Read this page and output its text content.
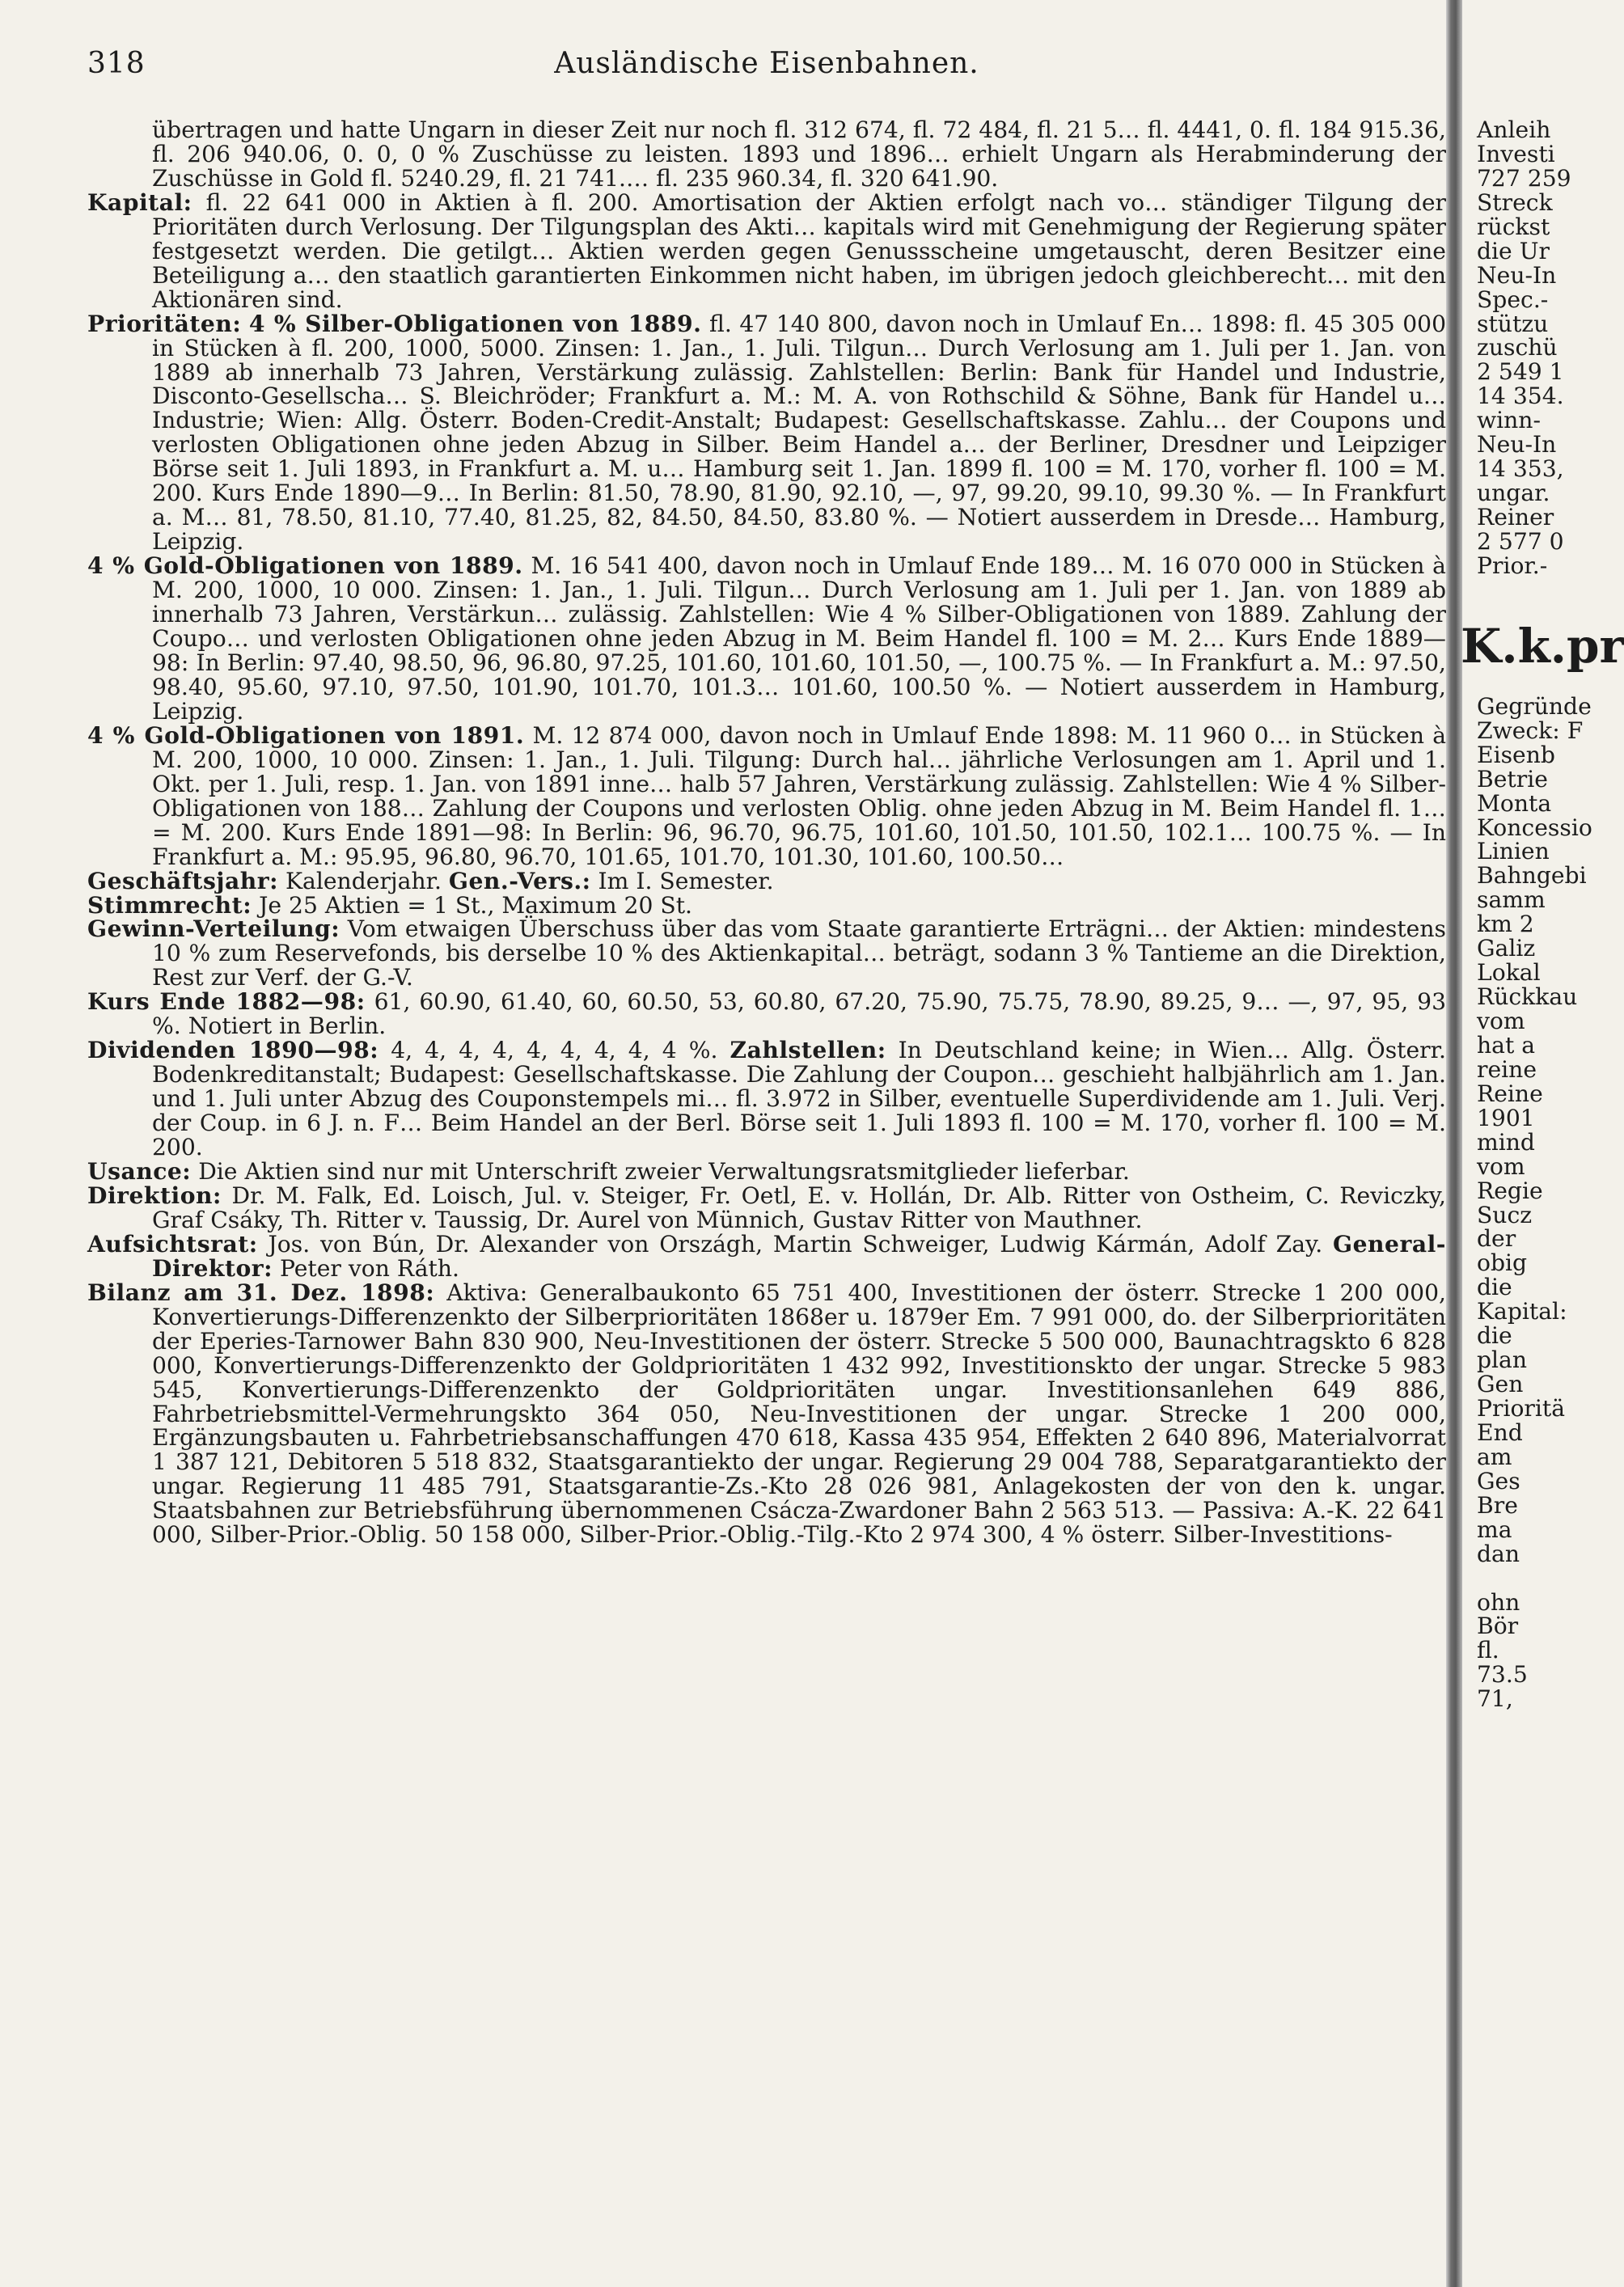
318	Ausländische Eisenbahnen.

übertragen und hatte Ungarn in dieser Zeit nur noch fl. 312 674, fl. 72 484, fl. 21 5… fl. 4441, 0. fl. 184 915.36, fl. 206 940.06, 0. 0, 0 % Zuschüsse zu leisten. 1893 und 1896… erhielt Ungarn als Herabminderung der Zuschüsse in Gold fl. 5240.29, fl. 21 741.… fl. 235 960.34, fl. 320 641.90.

Kapital: fl. 22 641 000 in Aktien à fl. 200. Amortisation der Aktien erfolgt nach vo… ständiger Tilgung der Prioritäten durch Verlosung. Der Tilgungsplan des Akti… kapitals wird mit Genehmigung der Regierung später festgesetzt werden. Die getilgt… Aktien werden gegen Genussscheine umgetauscht, deren Besitzer eine Beteiligung a… den staatlich garantierten Einkommen nicht haben, im übrigen jedoch gleichberecht… mit den Aktionären sind.

Prioritäten: 4 % Silber-Obligationen von 1889. fl. 47 140 800, davon noch in Umlauf En… 1898: fl. 45 305 000 in Stücken à fl. 200, 1000, 5000. Zinsen: 1. Jan., 1. Juli. Tilgun… Durch Verlosung am 1. Juli per 1. Jan. von 1889 ab innerhalb 73 Jahren, Verstärkung zulässig. Zahlstellen: Berlin: Bank für Handel und Industrie, Disconto-Gesellscha… S. Bleichröder; Frankfurt a. M.: M. A. von Rothschild & Söhne, Bank für Handel u… Industrie; Wien: Allg. Österr. Boden-Credit-Anstalt; Budapest: Gesellschaftskasse. Zahlu… der Coupons und verlosten Obligationen ohne jeden Abzug in Silber. Beim Handel a… der Berliner, Dresdner und Leipziger Börse seit 1. Juli 1893, in Frankfurt a. M. u… Hamburg seit 1. Jan. 1899 fl. 100 = M. 170, vorher fl. 100 = M. 200. Kurs Ende 1890—9… In Berlin: 81.50, 78.90, 81.90, 92.10, —, 97, 99.20, 99.10, 99.30 %. — In Frankfurt a. M… 81, 78.50, 81.10, 77.40, 81.25, 82, 84.50, 84.50, 83.80 %. — Notiert ausserdem in Dresde… Hamburg, Leipzig.

4 % Gold-Obligationen von 1889. M. 16 541 400, davon noch in Umlauf Ende 189… M. 16 070 000 in Stücken à M. 200, 1000, 10 000. Zinsen: 1. Jan., 1. Juli. Tilgun… Durch Verlosung am 1. Juli per 1. Jan. von 1889 ab innerhalb 73 Jahren, Verstärkun… zulässig. Zahlstellen: Wie 4 % Silber-Obligationen von 1889. Zahlung der Coupo… und verlosten Obligationen ohne jeden Abzug in M. Beim Handel fl. 100 = M. 2… Kurs Ende 1889—98: In Berlin: 97.40, 98.50, 96, 96.80, 97.25, 101.60, 101.60, 101.50, —, 100.75 %. — In Frankfurt a. M.: 97.50, 98.40, 95.60, 97.10, 97.50, 101.90, 101.70, 101.3… 101.60, 100.50 %. — Notiert ausserdem in Hamburg, Leipzig.

4 % Gold-Obligationen von 1891. M. 12 874 000, davon noch in Umlauf Ende 1898: M. 11 960 0… in Stücken à M. 200, 1000, 10 000. Zinsen: 1. Jan., 1. Juli. Tilgung: Durch hal… jährliche Verlosungen am 1. April und 1. Okt. per 1. Juli, resp. 1. Jan. von 1891 inne… halb 57 Jahren, Verstärkung zulässig. Zahlstellen: Wie 4 % Silber-Obligationen von 188… Zahlung der Coupons und verlosten Oblig. ohne jeden Abzug in M. Beim Handel fl. 1… = M. 200. Kurs Ende 1891—98: In Berlin: 96, 96.70, 96.75, 101.60, 101.50, 101.50, 102.1… 100.75 %. — In Frankfurt a. M.: 95.95, 96.80, 96.70, 101.65, 101.70, 101.30, 101.60, 100.50…

Geschäftsjahr: Kalenderjahr. Gen.-Vers.: Im I. Semester.

Stimmrecht: Je 25 Aktien = 1 St., Maximum 20 St.

Gewinn-Verteilung: Vom etwaigen Überschuss über das vom Staate garantierte Erträgni… der Aktien: mindestens 10 % zum Reservefonds, bis derselbe 10 % des Aktienkapital… beträgt, sodann 3 % Tantieme an die Direktion, Rest zur Verf. der G.-V.

Kurs Ende 1882—98: 61, 60.90, 61.40, 60, 60.50, 53, 60.80, 67.20, 75.90, 75.75, 78.90, 89.25, 9… —, 97, 95, 93 %. Notiert in Berlin.

Dividenden 1890—98: 4, 4, 4, 4, 4, 4, 4, 4, 4 %. Zahlstellen: In Deutschland keine; in Wien… Allg. Österr. Bodenkreditanstalt; Budapest: Gesellschaftskasse. Die Zahlung der Coupon… geschieht halbjährlich am 1. Jan. und 1. Juli unter Abzug des Couponstempels mi… fl. 3.972 in Silber, eventuelle Superdividende am 1. Juli. Verj. der Coup. in 6 J. n. F… Beim Handel an der Berl. Börse seit 1. Juli 1893 fl. 100 = M. 170, vorher fl. 100 = M. 200.

Usance: Die Aktien sind nur mit Unterschrift zweier Verwaltungsratsmitglieder lieferbar.

Direktion: Dr. M. Falk, Ed. Loisch, Jul. v. Steiger, Fr. Oetl, E. v. Hollán, Dr. Alb. Ritter von Ostheim, C. Reviczky, Graf Csáky, Th. Ritter v. Taussig, Dr. Aurel von Münnich, Gustav Ritter von Mauthner.

Aufsichtsrat: Jos. von Bún, Dr. Alexander von Országh, Martin Schweiger, Ludwig Kármán, Adolf Zay. General-Direktor: Peter von Ráth.

Bilanz am 31. Dez. 1898: Aktiva: Generalbaukonto 65 751 400, Investitionen der österr. Strecke 1 200 000, Konvertierungs-Differenzenkto der Silberprioritäten 1868er u. 1879er Em. 7 991 000, do. der Silberprioritäten der Eperies-Tarnower Bahn 830 900, Neu-Investitionen der österr. Strecke 5 500 000, Baunachtragskto 6 828 000, Konvertierungs-Differenzenkto der Goldprioritäten 1 432 992, Investitionskto der ungar. Strecke 5 983 545, Konvertierungs-Differenzenkto der Goldprioritäten ungar. Investitionsanlehen 649 886, Fahrbetriebsmittel-Vermehrungskto 364 050, Neu-Investitionen der ungar. Strecke 1 200 000, Ergänzungsbauten u. Fahrbetriebsanschaffungen 470 618, Kassa 435 954, Effekten 2 640 896, Materialvorrat 1 387 121, Debitoren 5 518 832, Staatsgarantiekto der ungar. Regierung 29 004 788, Separatgarantiekto der ungar. Regierung 11 485 791, Staatsgarantie-Zs.-Kto 28 026 981, Anlagekosten der von den k. ungar. Staatsbahnen zur Betriebsführung übernommenen Csácza-Zwardoner Bahn 2 563 513. — Passiva: A.-K. 22 641 000, Silber-Prior.-Oblig. 50 158 000, Silber-Prior.-Oblig.-Tilg.-Kto 2 974 300, 4 % österr. Silber-Investitions-

Anleih
Investi
727 259
Streck
rückst
die Ur
Neu-In
Spec.-
stützu
zuschü
2 549 1
14 354.
winn-
Neu-In
14 353,
ungar.
Reiner
2 577 0
Prior.-
K.k.pr
Gegründe
Zweck: F
Eisenb
Betrie
Monta
Koncessio
Linien
Bahngebi
samm
km 2
Galiz
Lokal
Rückkau
vom
hat a
reine
Reine
1901
mind
vom
Regie
Sucz
der
obig
die
Kapital:
die
plan
Gen
Prioritä
End
am
Ges
Bre
ma
dan
ohn
Bör
fl.
73.5
71,
